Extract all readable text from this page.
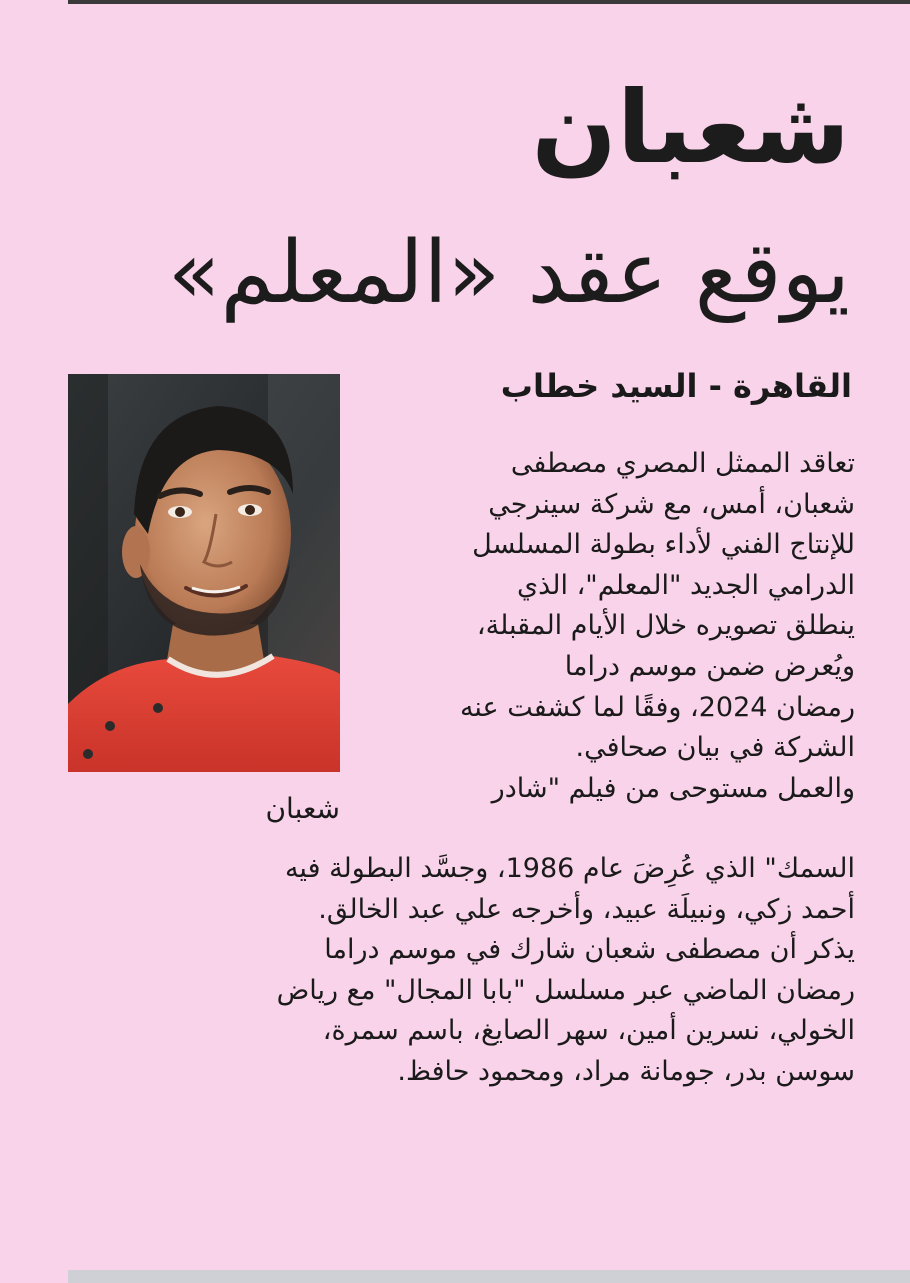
شعبان
يوقع عقد «المعلم»

القاهرة - السيد خطاب

شعبان

تعاقد الممثل المصري مصطفى
شعبان، أمس، مع شركة سينرجي
للإنتاج الفني لأداء بطولة المسلسل
الدرامي الجديد "المعلم"، الذي
ينطلق تصويره خلال الأيام المقبلة،
ويُعرض ضمن موسم دراما
رمضان 2024، وفقًا لما كشفت عنه
الشركة في بيان صحافي.
والعمل مستوحى من فيلم "شادر
السمك" الذي عُرِضَ عام 1986، وجسَّد البطولة فيه
أحمد زكي، ونبيلَة عبيد، وأخرجه علي عبد الخالق.
يذكر أن مصطفى شعبان شارك في موسم دراما
رمضان الماضي عبر مسلسل "بابا المجال" مع رياض
الخولي، نسرين أمين، سهر الصايغ، باسم سمرة،
سوسن بدر، جومانة مراد، ومحمود حافظ.
